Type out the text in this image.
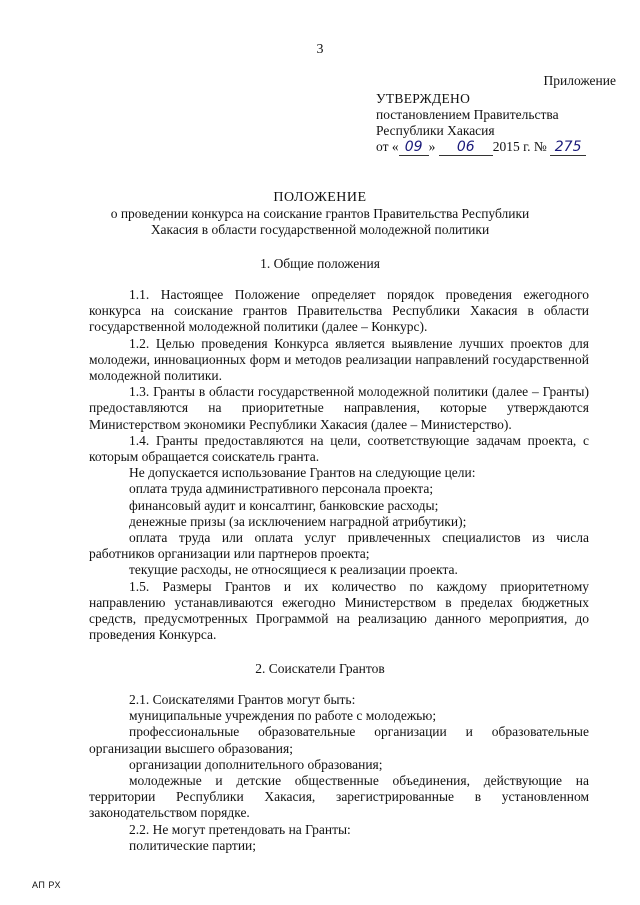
3
Приложение
УТВЕРЖДЕНО
постановлением Правительства
Республики Хакасия
от « 09 » 06 2015 г. № 275
ПОЛОЖЕНИЕ
о проведении конкурса на соискание грантов Правительства Республики Хакасия в области государственной молодежной политики
1. Общие положения

1.1. Настоящее Положение определяет порядок проведения ежегодного конкурса на соискание грантов Правительства Республики Хакасия в области государственной молодежной политики (далее – Конкурс).

1.2. Целью проведения Конкурса является выявление лучших проектов для молодежи, инновационных форм и методов реализации направлений государственной молодежной политики.

1.3. Гранты в области государственной молодежной политики (далее – Гранты) предоставляются на приоритетные направления, которые утверждаются Министерством экономики Республики Хакасия (далее – Министерство).

1.4. Гранты предоставляются на цели, соответствующие задачам проекта, с которым обращается соискатель гранта.

Не допускается использование Грантов на следующие цели:

оплата труда административного персонала проекта;

финансовый аудит и консалтинг, банковские расходы;

денежные призы (за исключением наградной атрибутики);

оплата труда или оплата услуг привлеченных специалистов из числа работников организации или партнеров проекта;

текущие расходы, не относящиеся к реализации проекта.

1.5. Размеры Грантов и их количество по каждому приоритетному направлению устанавливаются ежегодно Министерством в пределах бюджетных средств, предусмотренных Программой на реализацию данного мероприятия, до проведения Конкурса.

2. Соискатели Грантов

2.1. Соискателями Грантов могут быть:

муниципальные учреждения по работе с молодежью;

профессиональные образовательные организации и образовательные организации высшего образования;

организации дополнительного образования;

молодежные и детские общественные объединения, действующие на территории Республики Хакасия, зарегистрированные в установленном законодательством порядке.

2.2. Не могут претендовать на Гранты:

политические партии;

АП РХ
